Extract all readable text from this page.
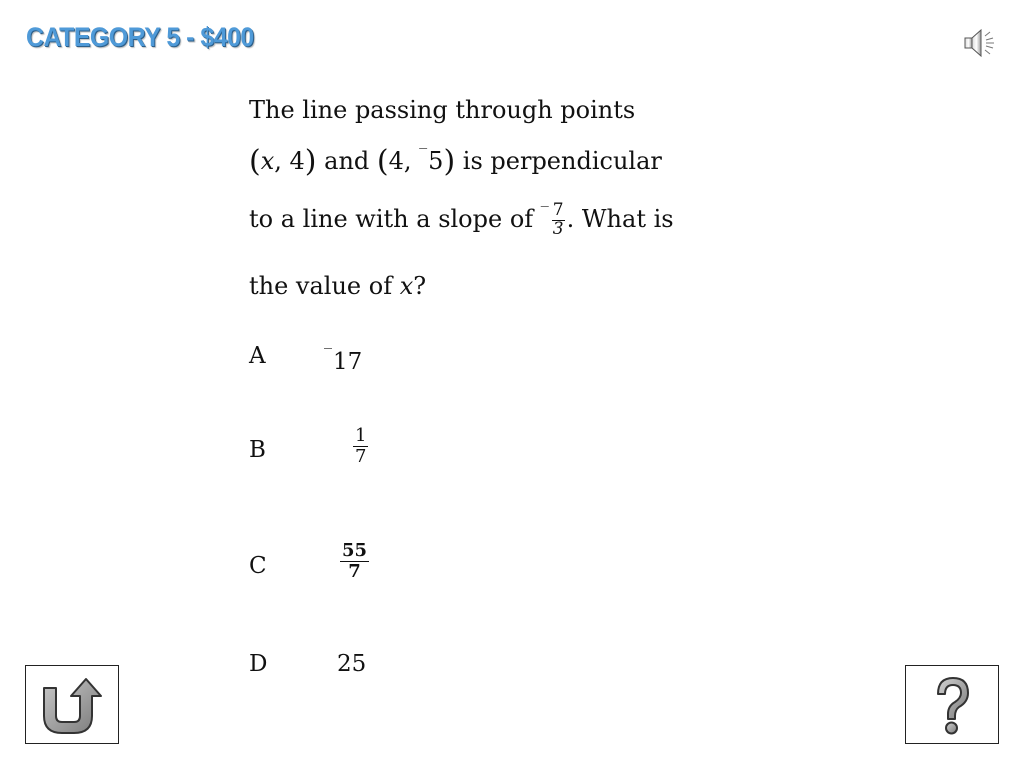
CATEGORY 5 - $400
The line passing through points
(x, 4) and (4, ‾5) is perpendicular
to a line with a slope of $^‾ \frac{7}{3}$ . What is
the value of x?
A	‾17
B	$\frac{1}{7}$
C	$\frac{55}{7}$
D	25
